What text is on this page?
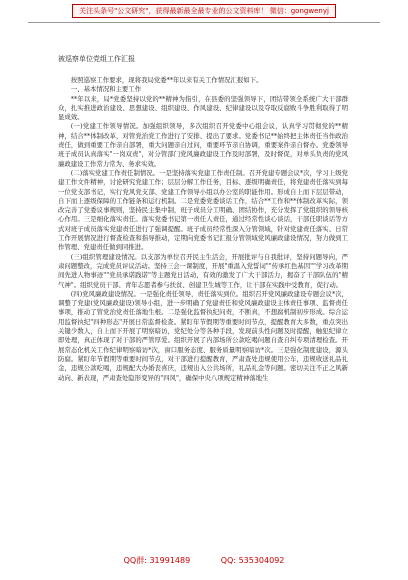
关注头条号"公文研究"，获得最新最全最专业的公文资料库！ 微信：gongwenyj
被巡察单位党组工作汇报

按照巡察工作要求，现将我局党委**年以来有关工作情况汇报如下。

一、基本情况和主要工作

**年以来，局*党委坚持以党的**精神为指引，在县委的坚强领导下，团结带领全系统广大干部群众，扎实推进政治建设、思想建设、组织建设、作风建设、纪律建设以及夺取反腐败斗争胜利取得了明显成效。

(一)党建工作领导情况。加强组织领导，多次组织召开党委中心组会议，认真学习贯彻党的**精神，结合**体制改革，对管党治党工作进行了安排、提出了要求。党委书记**始终把主体责任当作政治责任，做到重要工作亲自部署，重大问题亲自过问，重要环节亲自协调，重要案件亲自督办。党委领导班子成员认真落实"一岗双责"，对分管部门党风廉政建设工作及时部署，及时督促，对单头负责的党风廉政建设工作常力常为、务求实效。

(二)落实党建工作责任制情况。一是坚持落实党建工作责任制。召开党建专题会议*次，学习上级党建工作文件精神，讨论研究党建工作；层层分解工作任务，目标、逐级明确责任，将党建责任落实到每一位党支部书记，实行党风党支部、党建工作领导小组以办公室的职能作用。形成自上而下层层带动，自下而上逐级保障的工作链条和运行机制。二是党委党委谈话工作，结合**工作和**体制改革实际，领改完善了党委议事规则，坚持民主集中制，班子成员分工明确、团结协作，充分发挥了党组织的领导核心作用。三是细化落实责任。落实党委书记第一责任人责任，通过经常性谈心谈话，干部任职谈话等方式对班子成员落实党建责任进行了强调提醒。班子成员经常性深入分管领域，针对党建责任落实、日常工作开展情况进行督查检查和指导推动，定期向党委书记汇报分管领域党风廉政建设情况，努力做到工作管理、党建责任做到同推进。

(三)组织管理建设情况。以支部为单位召开民主生活会，开展批评与自我批评，坚持问题导向，严肃问题整改，完成党员评议活动。坚持三会一课制度，开展"重温入党誓词""传承红色基因""学习改革期间先进人物事迹""党员承诺践诺"等主题党日活动，有效的激发了广大干部活力，揭奋了干部队伍的"精气神"。组织党员干部、青年志愿者参与扶贫、创建卫生城等工作，让干部在实践中受教育，促行动。

(四)党风廉政建设情况。一是强化责任领导，责任落实到位。组织召开党风廉政建设专题会议*次，调整了党建(党风廉政建设)领导小组，进一步明确了党建责任和党风廉政建设主体责任事项、监督责任事项，推动了管党治党责任落地生根。二是强化监督执纪问责，不断真，不想腐机制初步形成。综合运用监督执纪"四种形态"开展日常监督检查。紧盯年节假期等重要时间节点，提醒教育大多数，重点突出关键少数人，自上而下开展了明察暗访，党纪处分等各种手段，发现前头性问题及时提醒，触犯纪律立即处理，真正体现了对干部的严管厚爱。组织开展了内部场所公款吃喝问题自查自纠专项清理检查。开展常态化机关工作纪律明察暗访*次，窗口服务态度、服务质量明察暗访*次。三是强化制度建设，源头防腐。紧盯年节假期等重要时间节点，对干部进行提醒教育，严肃查处违规使用公车，违规收送礼品礼金，违规公款吃喝，违规配大办婚丧喜庆，违规出入公共场所，礼品礼金等问题。密切关注不正之风新动向、新表现，严肃查处隐形变异的"四风"，确保中央八项规定精神落地生

QQ群: 31991489	QQ: 535304092
